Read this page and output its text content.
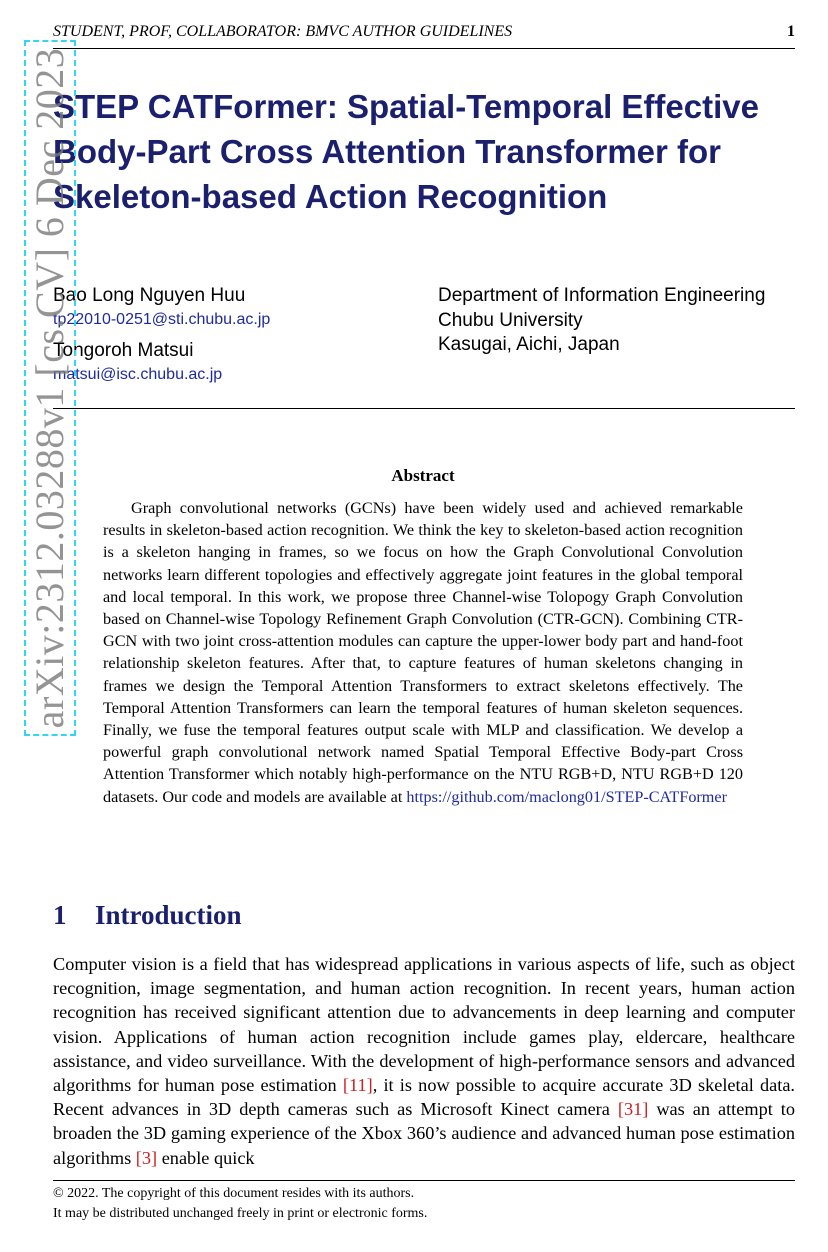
STUDENT, PROF, COLLABORATOR: BMVC AUTHOR GUIDELINES	1
STEP CATFormer: Spatial-Temporal Effective Body-Part Cross Attention Transformer for Skeleton-based Action Recognition
Bao Long Nguyen Huu
tp22010-0251@sti.chubu.ac.jp
Tongoroh Matsui
matsui@isc.chubu.ac.jp
Department of Information Engineering
Chubu University
Kasugai, Aichi, Japan
Abstract
Graph convolutional networks (GCNs) have been widely used and achieved remarkable results in skeleton-based action recognition. We think the key to skeleton-based action recognition is a skeleton hanging in frames, so we focus on how the Graph Convolutional Convolution networks learn different topologies and effectively aggregate joint features in the global temporal and local temporal. In this work, we propose three Channel-wise Tolopogy Graph Convolution based on Channel-wise Topology Refinement Graph Convolution (CTR-GCN). Combining CTR-GCN with two joint cross-attention modules can capture the upper-lower body part and hand-foot relationship skeleton features. After that, to capture features of human skeletons changing in frames we design the Temporal Attention Transformers to extract skeletons effectively. The Temporal Attention Transformers can learn the temporal features of human skeleton sequences. Finally, we fuse the temporal features output scale with MLP and classification. We develop a powerful graph convolutional network named Spatial Temporal Effective Body-part Cross Attention Transformer which notably high-performance on the NTU RGB+D, NTU RGB+D 120 datasets. Our code and models are available at https://github.com/maclong01/STEP-CATFormer
1 Introduction
Computer vision is a field that has widespread applications in various aspects of life, such as object recognition, image segmentation, and human action recognition. In recent years, human action recognition has received significant attention due to advancements in deep learning and computer vision. Applications of human action recognition include games play, eldercare, healthcare assistance, and video surveillance. With the development of high-performance sensors and advanced algorithms for human pose estimation [11], it is now possible to acquire accurate 3D skeletal data. Recent advances in 3D depth cameras such as Microsoft Kinect camera [31] was an attempt to broaden the 3D gaming experience of the Xbox 360’s audience and advanced human pose estimation algorithms [3] enable quick
© 2022. The copyright of this document resides with its authors.
It may be distributed unchanged freely in print or electronic forms.
arXiv:2312.03288v1 [cs.CV] 6 Dec 2023
